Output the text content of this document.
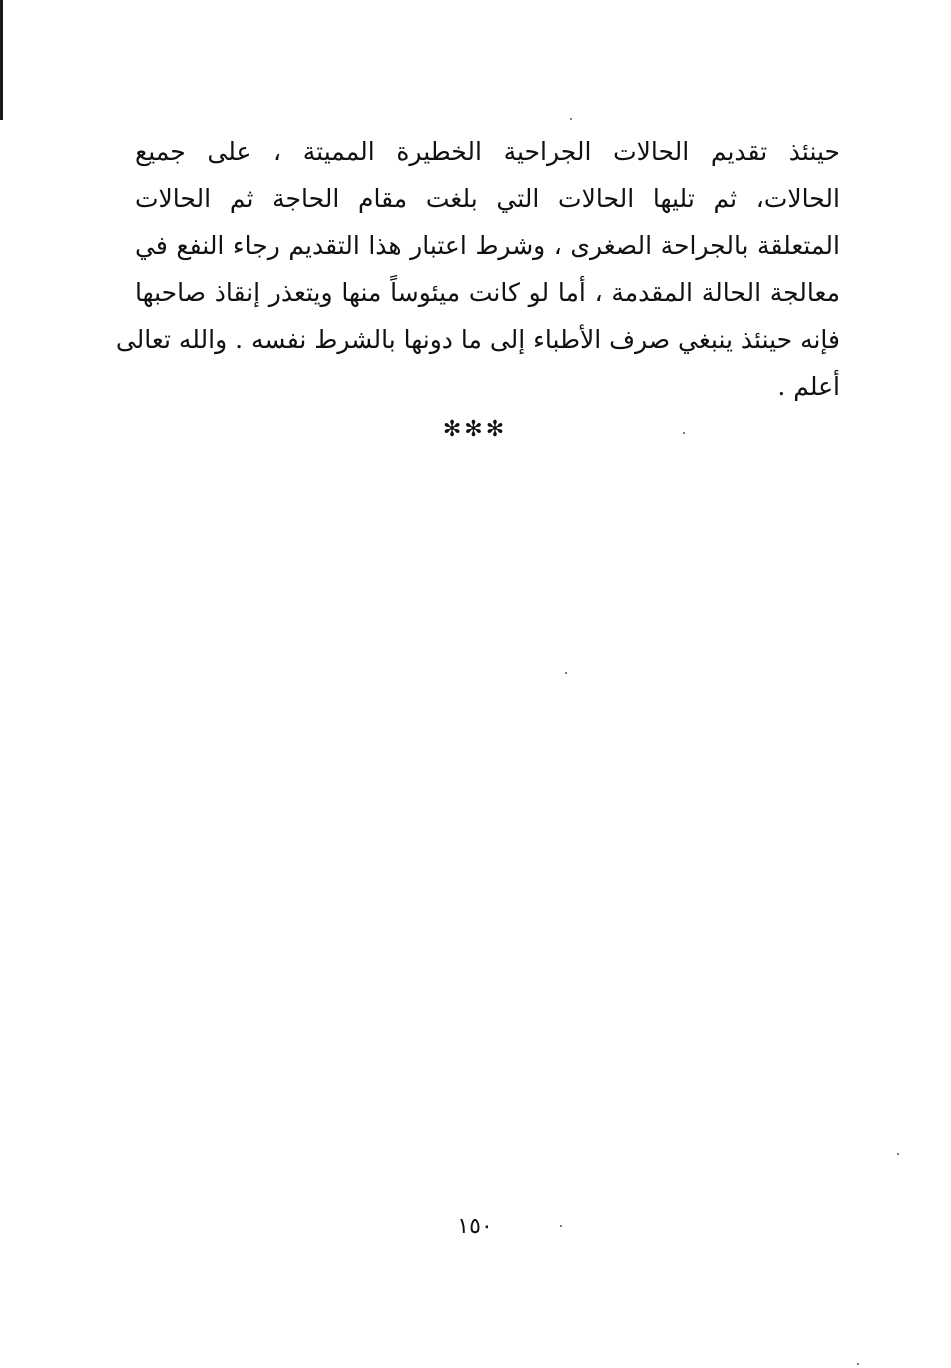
حينئذ تقديم الحالات الجراحية الخطيرة المميتة ، على جميع
الحالات، ثم تليها الحالات التي بلغت مقام الحاجة ثم الحالات
المتعلقة بالجراحة الصغرى ، وشرط اعتبار هذا التقديم رجاء النفع في
معالجة الحالة المقدمة ، أما لو كانت ميئوساً منها ويتعذر إنقاذ صاحبها
فإنه حينئذ ينبغي صرف الأطباء إلى ما دونها بالشرط نفسه . والله تعالى
أعلم .
✻✻✻
١٥٠
